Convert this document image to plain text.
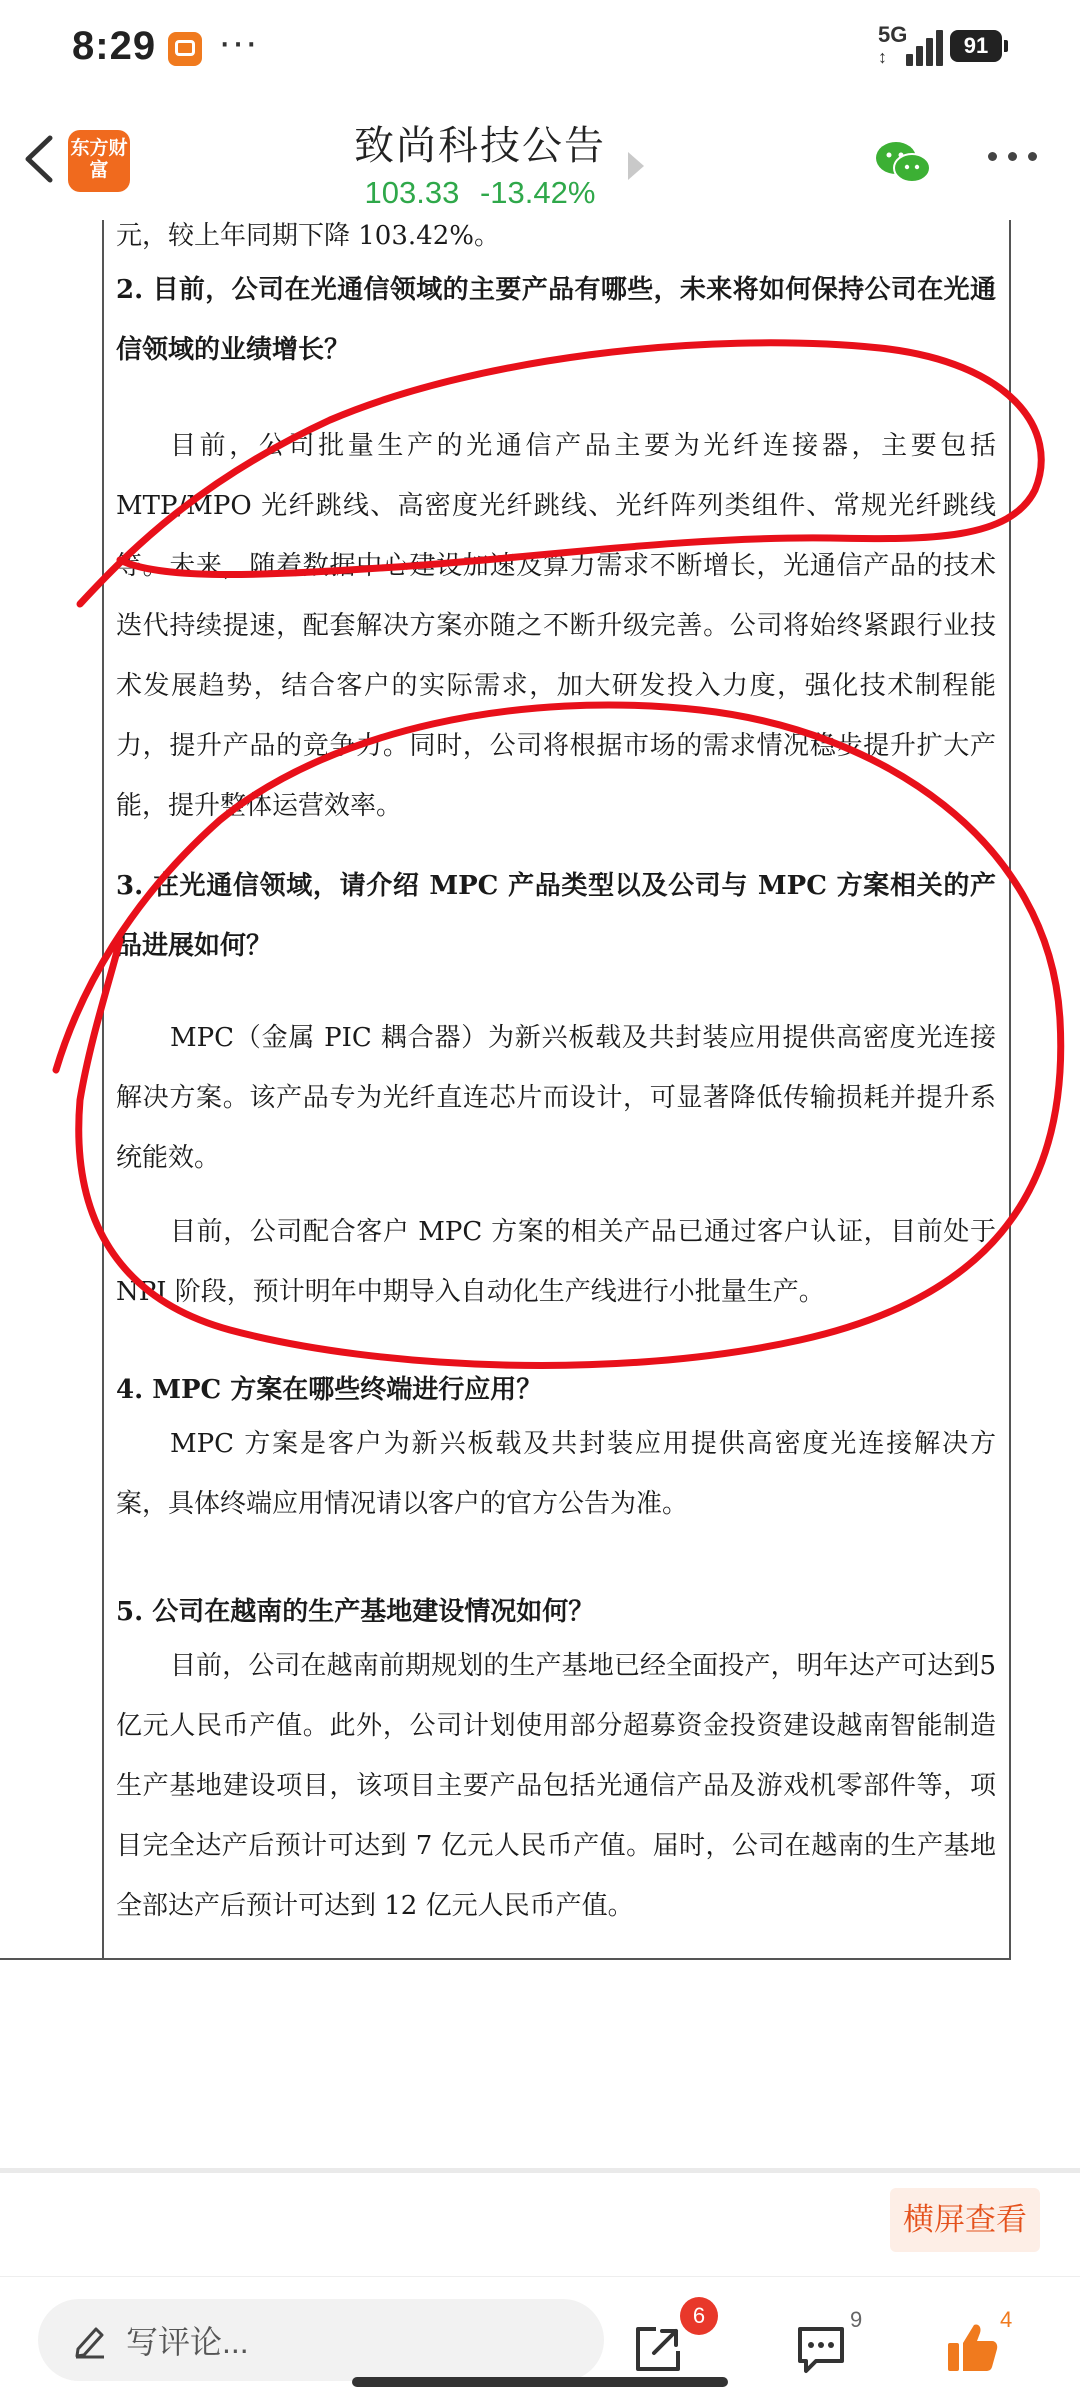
8:29 ···	5G
↕	91
东方财富
致尚科技公告
103.33 -13.42%
元，较上年同期下降 103.42%。
2. 目前，公司在光通信领域的主要产品有哪些，未来将如何保持公司在光通信领域的业绩增长？
目前，公司批量生产的光通信产品主要为光纤连接器，主要包括MTP/MPO 光纤跳线、高密度光纤跳线、光纤阵列类组件、常规光纤跳线等。未来，随着数据中心建设加速及算力需求不断增长，光通信产品的技术迭代持续提速，配套解决方案亦随之不断升级完善。公司将始终紧跟行业技术发展趋势，结合客户的实际需求，加大研发投入力度，强化技术制程能力，提升产品的竞争力。同时，公司将根据市场的需求情况稳步提升扩大产能，提升整体运营效率。
3. 在光通信领域，请介绍 MPC 产品类型以及公司与 MPC 方案相关的产品进展如何？
MPC（金属 PIC 耦合器）为新兴板载及共封装应用提供高密度光连接解决方案。该产品专为光纤直连芯片而设计，可显著降低传输损耗并提升系统能效。
目前，公司配合客户 MPC 方案的相关产品已通过客户认证，目前处于NPI 阶段，预计明年中期导入自动化生产线进行小批量生产。
4. MPC 方案在哪些终端进行应用？
MPC 方案是客户为新兴板载及共封装应用提供高密度光连接解决方案，具体终端应用情况请以客户的官方公告为准。
5. 公司在越南的生产基地建设情况如何？
目前，公司在越南前期规划的生产基地已经全面投产，明年达产可达到5 亿元人民币产值。此外，公司计划使用部分超募资金投资建设越南智能制造生产基地建设项目，该项目主要产品包括光通信产品及游戏机零部件等，项目完全达产后预计可达到 7 亿元人民币产值。届时，公司在越南的生产基地全部达产后预计可达到 12 亿元人民币产值。
横屏查看
写评论...
6	9	4
